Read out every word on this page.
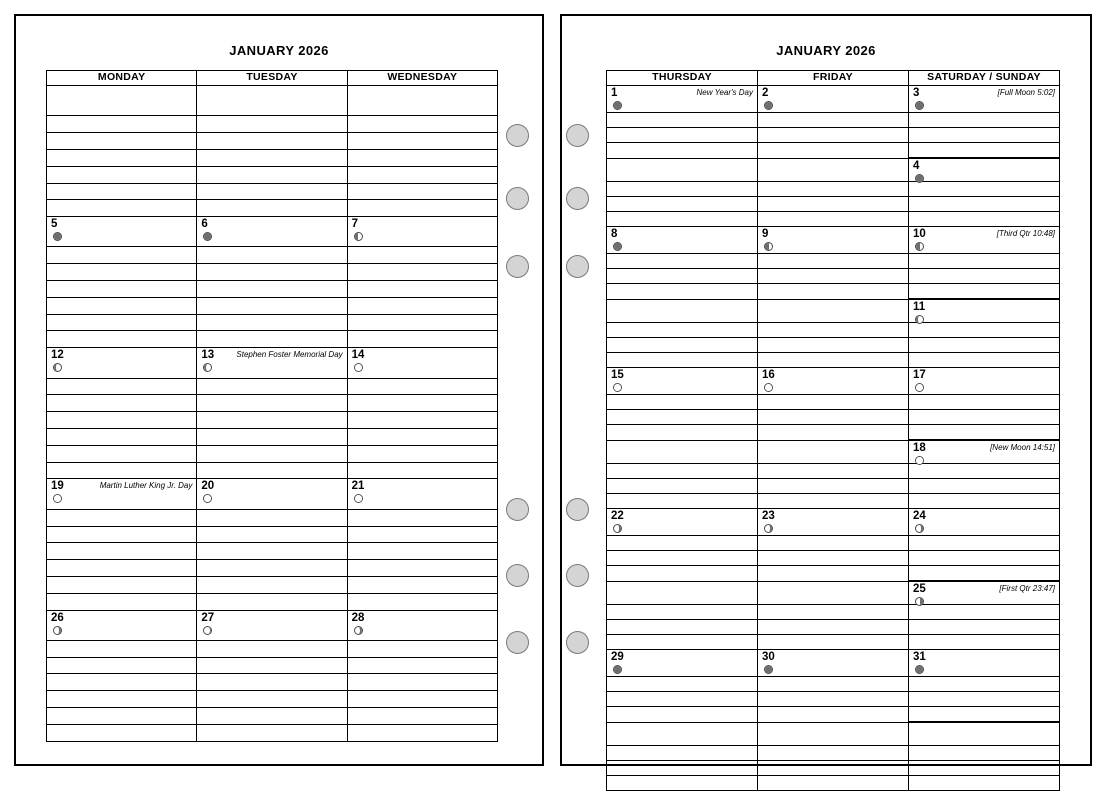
JANUARY 2026
MONDAY	TUESDAY	WEDNESDAY

5	6	7

12	13 Stephen Foster Memorial Day	14

19 Martin Luther King Jr. Day	20	21

26	27	28

JANUARY 2026
THURSDAY	FRIDAY	SATURDAY / SUNDAY

1 New Year's Day	2	3 [Full Moon 5:02]

		4

8	9	10 [Third Qtr 10:48]

		11

15	16	17

		18 [New Moon 14:51]

22	23	24

		25 [First Qtr 23:47]

29	30	31
